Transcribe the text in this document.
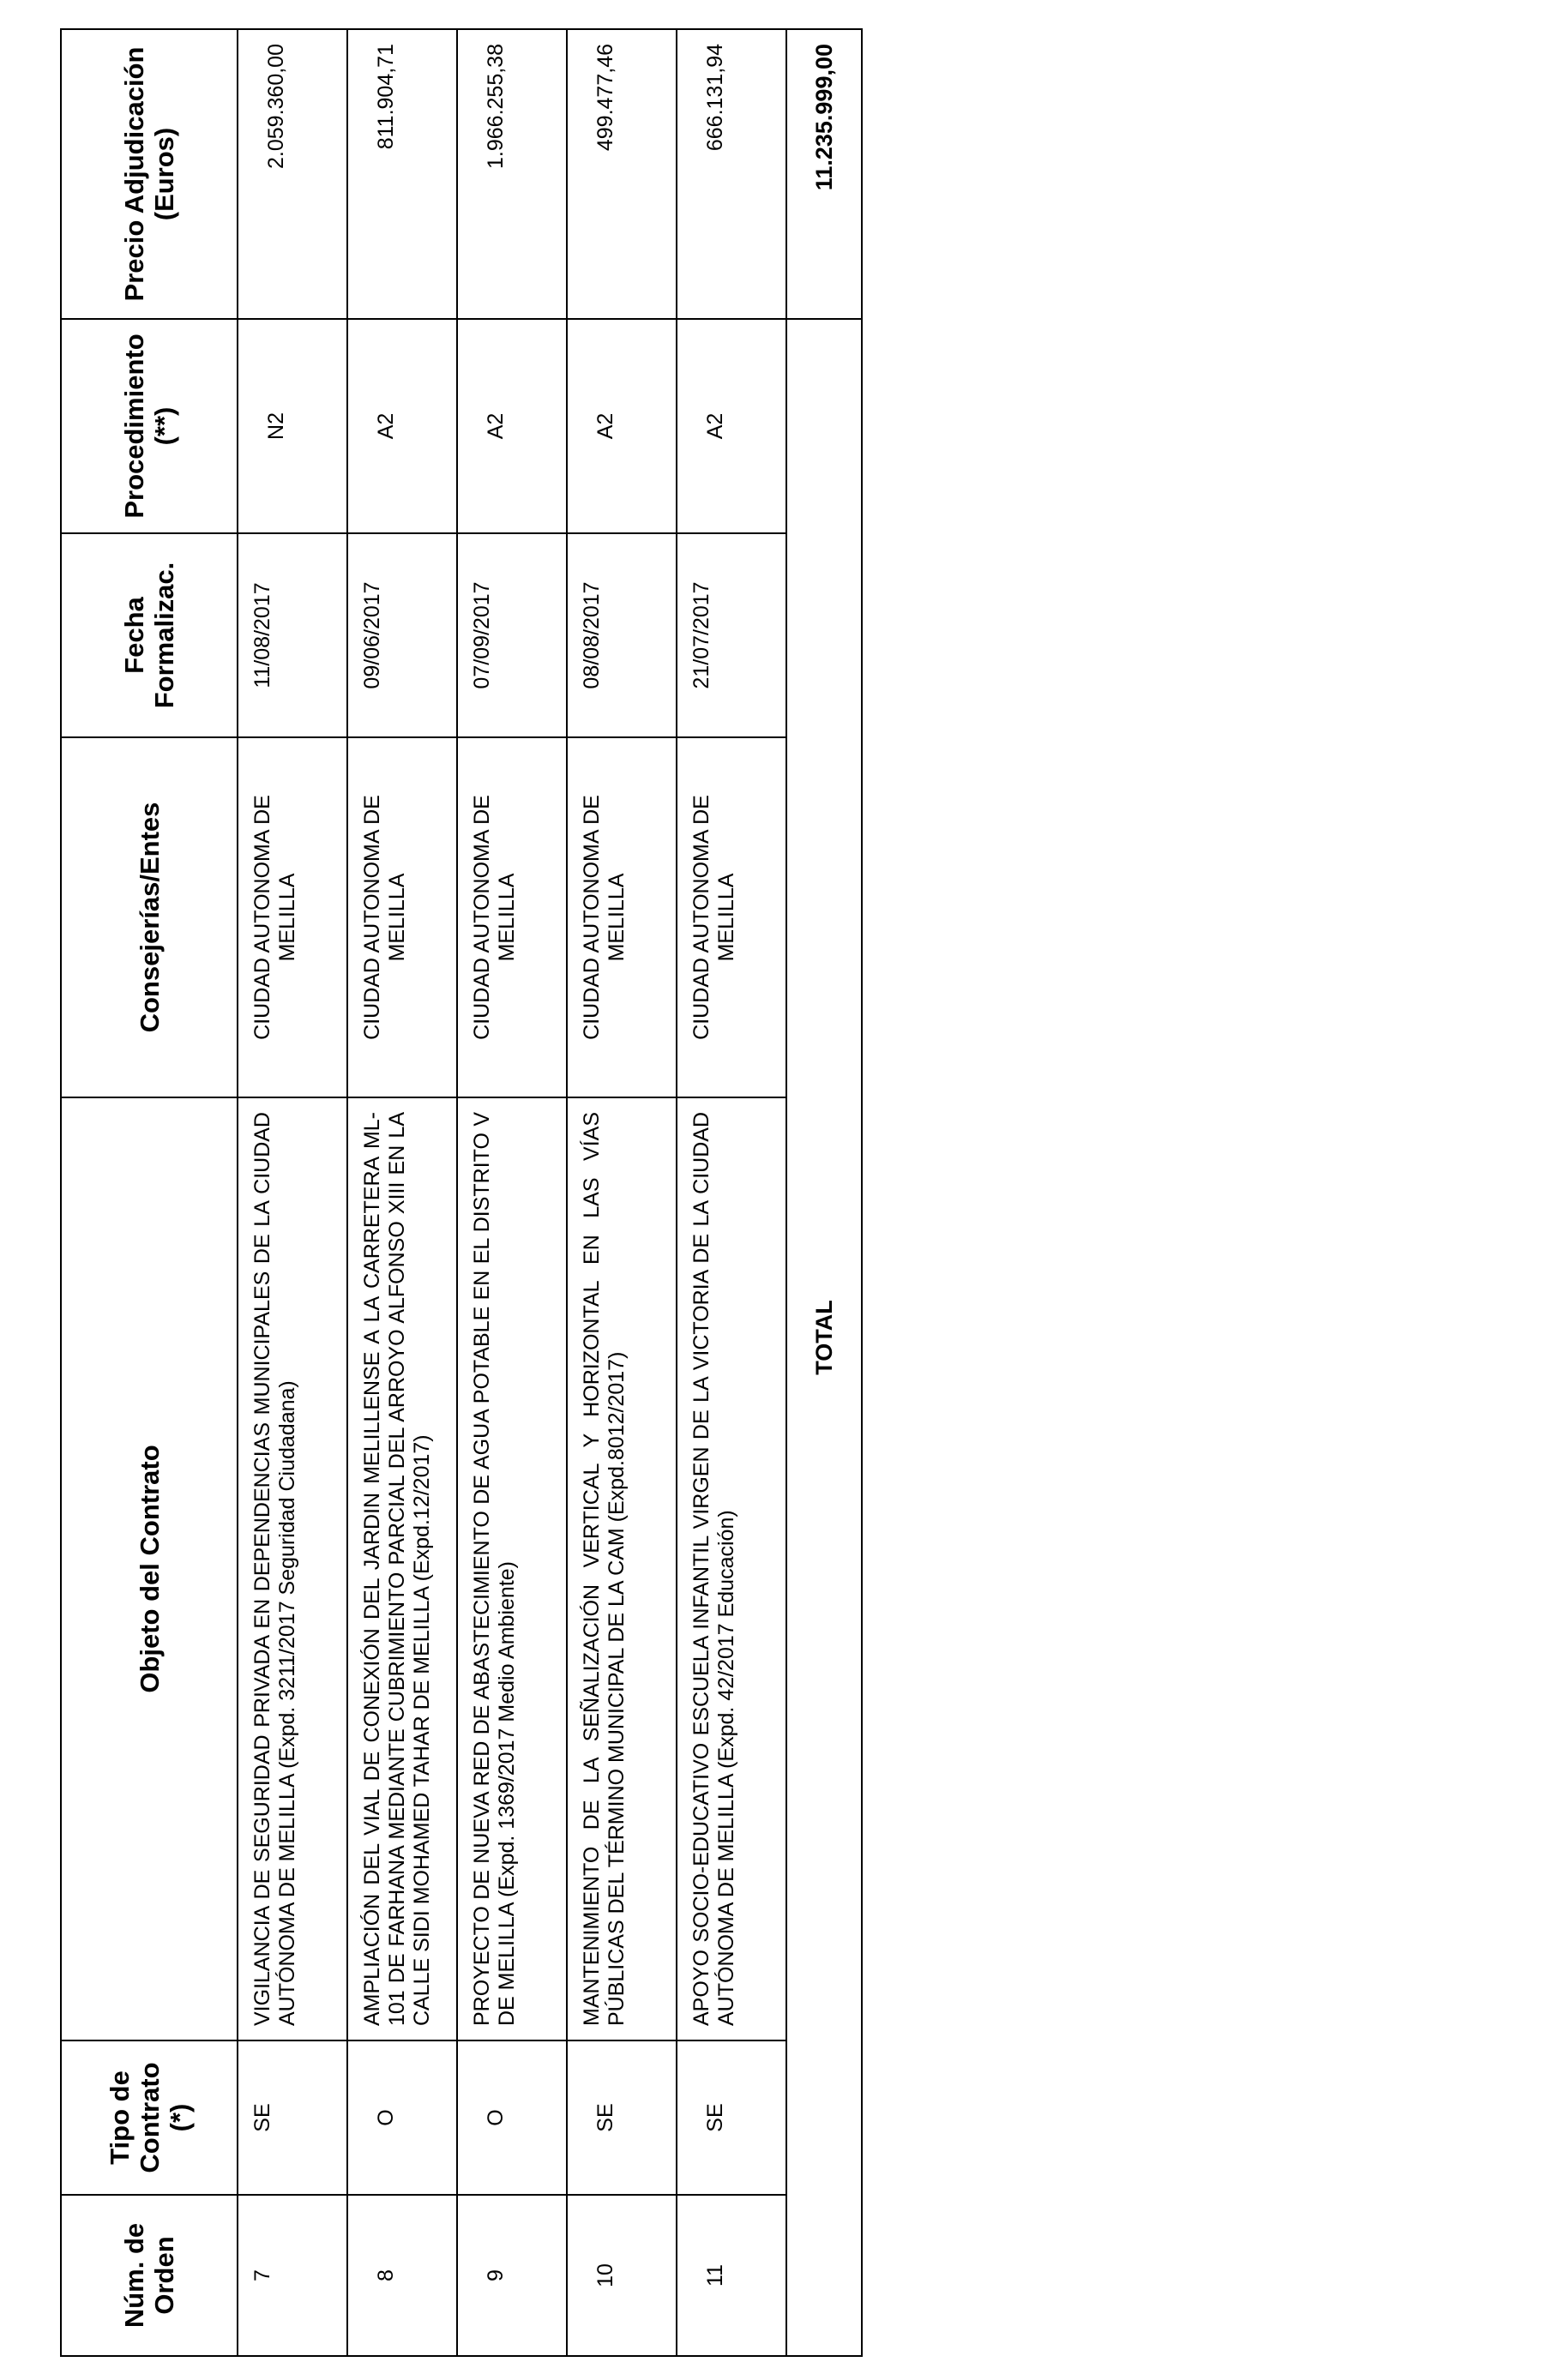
Núm. de Orden	Tipo de Contrato (*)	Objeto del Contrato	Consejerías/Entes	Fecha Formalizac.	Procedimiento (**)	Precio Adjudicación (Euros)
7	SE	VIGILANCIA DE SEGURIDAD PRIVADA EN DEPENDENCIAS MUNICIPALES DE LA CIUDAD AUTÓNOMA DE MELILLA (Expd. 3211/2017 Seguridad Ciudadana)	CIUDAD AUTONOMA DE MELILLA	11/08/2017	N2	2.059.360,00
8	O	AMPLIACIÓN DEL VIAL DE CONEXIÓN DEL JARDIN MELILLENSE A LA CARRETERA ML-101 DE FARHANA MEDIANTE CUBRIMIENTO PARCIAL DEL ARROYO ALFONSO XIII EN LA CALLE SIDI MOHAMED TAHAR DE MELILLA (Expd.12/2017)	CIUDAD AUTONOMA DE MELILLA	09/06/2017	A2	811.904,71
9	O	PROYECTO DE NUEVA RED DE ABASTECIMIENTO DE AGUA POTABLE EN EL DISTRITO V DE MELILLA (Expd. 1369/2017 Medio Ambiente)	CIUDAD AUTONOMA DE MELILLA	07/09/2017	A2	1.966.255,38
10	SE	MANTENIMIENTO DE LA SEÑALIZACIÓN VERTICAL Y HORIZONTAL EN LAS VÍAS PÚBLICAS DEL TÉRMINO MUNICIPAL DE LA CAM (Expd.8012/2017)	CIUDAD AUTONOMA DE MELILLA	08/08/2017	A2	499.477,46
11	SE	APOYO SOCIO-EDUCATIVO ESCUELA INFANTIL VIRGEN DE LA VICTORIA DE LA CIUDAD AUTÓNOMA DE MELILLA (Expd. 42/2017 Educación)	CIUDAD AUTONOMA DE MELILLA	21/07/2017	A2	666.131,94
TOTAL						11.235.999,00
